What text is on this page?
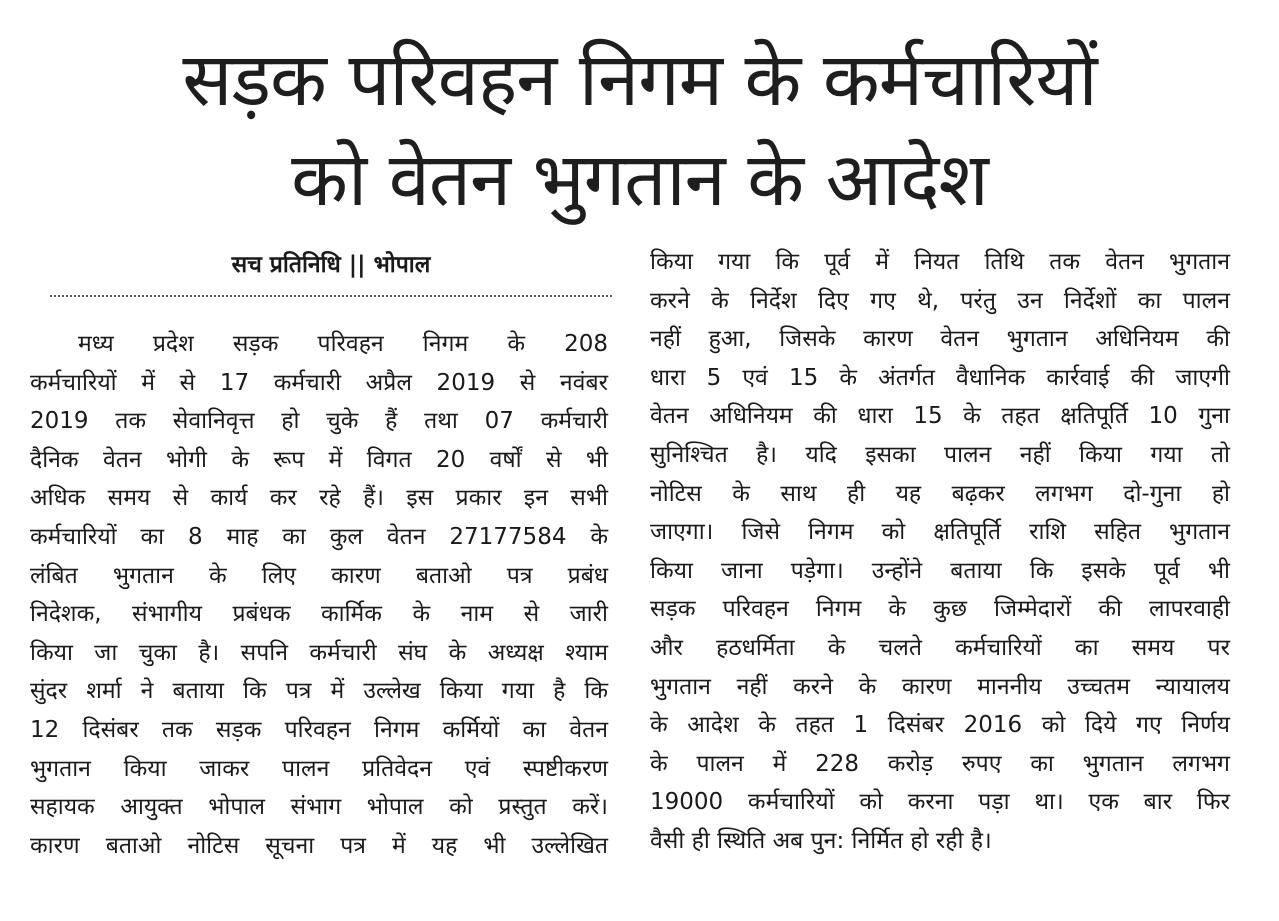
सड़क परिवहन निगम के कर्मचारियों
को वेतन भुगतान के आदेश
सच प्रतिनिधि || भोपाल
मध्य प्रदेश सड़क परिवहन निगम के 208
कर्मचारियों में से 17 कर्मचारी अप्रैल 2019 से नवंबर
2019 तक सेवानिवृत्त हो चुके हैं तथा 07 कर्मचारी
दैनिक वेतन भोगी के रूप में विगत 20 वर्षों से भी
अधिक समय से कार्य कर रहे हैं। इस प्रकार इन सभी
कर्मचारियों का 8 माह का कुल वेतन 27177584 के
लंबित भुगतान के लिए कारण बताओ पत्र प्रबंध
निदेशक, संभागीय प्रबंधक कार्मिक के नाम से जारी
किया जा चुका है। सपनि कर्मचारी संघ के अध्यक्ष श्याम
सुंदर शर्मा ने बताया कि पत्र में उल्लेख किया गया है कि
12 दिसंबर तक सड़क परिवहन निगम कर्मियों का वेतन
भुगतान किया जाकर पालन प्रतिवेदन एवं स्पष्टीकरण
सहायक आयुक्त भोपाल संभाग भोपाल को प्रस्तुत करें।
कारण बताओ नोटिस सूचना पत्र में यह भी उल्लेखित
किया गया कि पूर्व में नियत तिथि तक वेतन भुगतान
करने के निर्देश दिए गए थे, परंतु उन निर्देशों का पालन
नहीं हुआ, जिसके कारण वेतन भुगतान अधिनियम की
धारा 5 एवं 15 के अंतर्गत वैधानिक कार्रवाई की जाएगी
वेतन अधिनियम की धारा 15 के तहत क्षतिपूर्ति 10 गुना
सुनिश्चित है। यदि इसका पालन नहीं किया गया तो
नोटिस के साथ ही यह बढ़कर लगभग दो-गुना हो
जाएगा। जिसे निगम को क्षतिपूर्ति राशि सहित भुगतान
किया जाना पड़ेगा। उन्होंने बताया कि इसके पूर्व भी
सड़क परिवहन निगम के कुछ जिम्मेदारों की लापरवाही
और हठधर्मिता के चलते कर्मचारियों का समय पर
भुगतान नहीं करने के कारण माननीय उच्चतम न्यायालय
के आदेश के तहत 1 दिसंबर 2016 को दिये गए निर्णय
के पालन में 228 करोड़ रुपए का भुगतान लगभग
19000 कर्मचारियों को करना पड़ा था। एक बार फिर
वैसी ही स्थिति अब पुन: निर्मित हो रही है।
